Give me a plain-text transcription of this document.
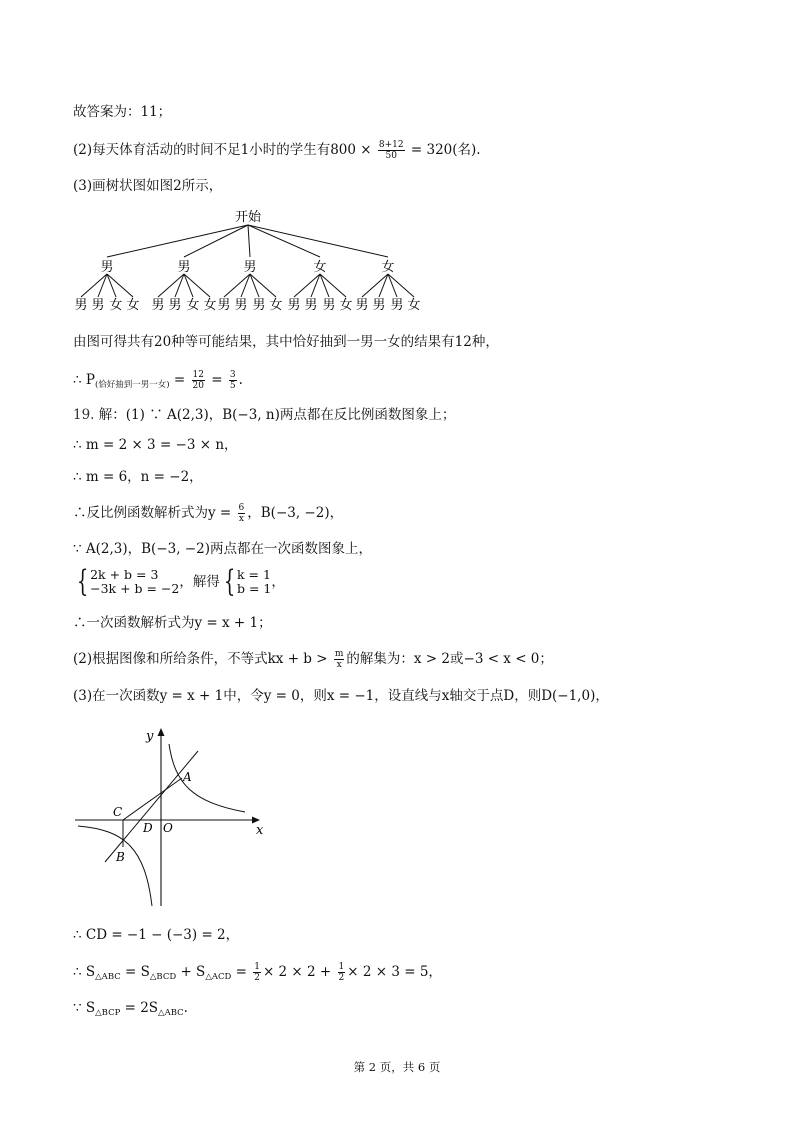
故答案为：11；
(2)每天体育活动的时间不足1小时的学生有$800 \times \frac{8+12}{50} = 320$(名).
(3)画树状图如图2所示，
开始
男
男 男 女 女
男
男 男 女 女
男
男 男 男 女
女
男 男 男 女
女
男 男 男 女
由图可得共有20种等可能结果，其中恰好抽到一男一女的结果有12种，
∴ $P_{(恰好抽到一男一女)} = \frac{12}{20} = \frac{3}{5}$ .
19. 解：(1) ∵ A(2,3)，B(−3, n)两点都在反比例函数图象上；
∴ m = 2 × 3 = −3 × n，
∴ m = 6，n = −2，
∴反比例函数解析式为$y = \frac{6}{x}$ ，B(−3, −2)，
∵ A(2,3)，B(−3, −2)两点都在一次函数图象上，
{ 2k + b = 3
−3k + b = −2 ，解得 { k = 1
b = 1 ，
∴一次函数解析式为y = x + 1；
(2)根据图像和所给条件，不等式kx + $b > \frac{m}{x}$ 的解集为：x > 2或−3 < x < 0；
(3)在一次函数y = x + 1中，令y = 0，则x = −1，设直线与x轴交于点D，则D(−1,0)，
x
y
A
B
C
D O
∴ CD = −1 − (−3) = 2，
∴ $S_{\triangle ABC} = S_{\triangle BCD} + S_{\triangle ACD} = \frac{1}{2} \times 2 \times 2 + \frac{1}{2} \times 2 \times 3 = 5$，
∵ $S_{\triangle BCP} = 2S_{\triangle ABC}$.
第 2 页，共 6 页
